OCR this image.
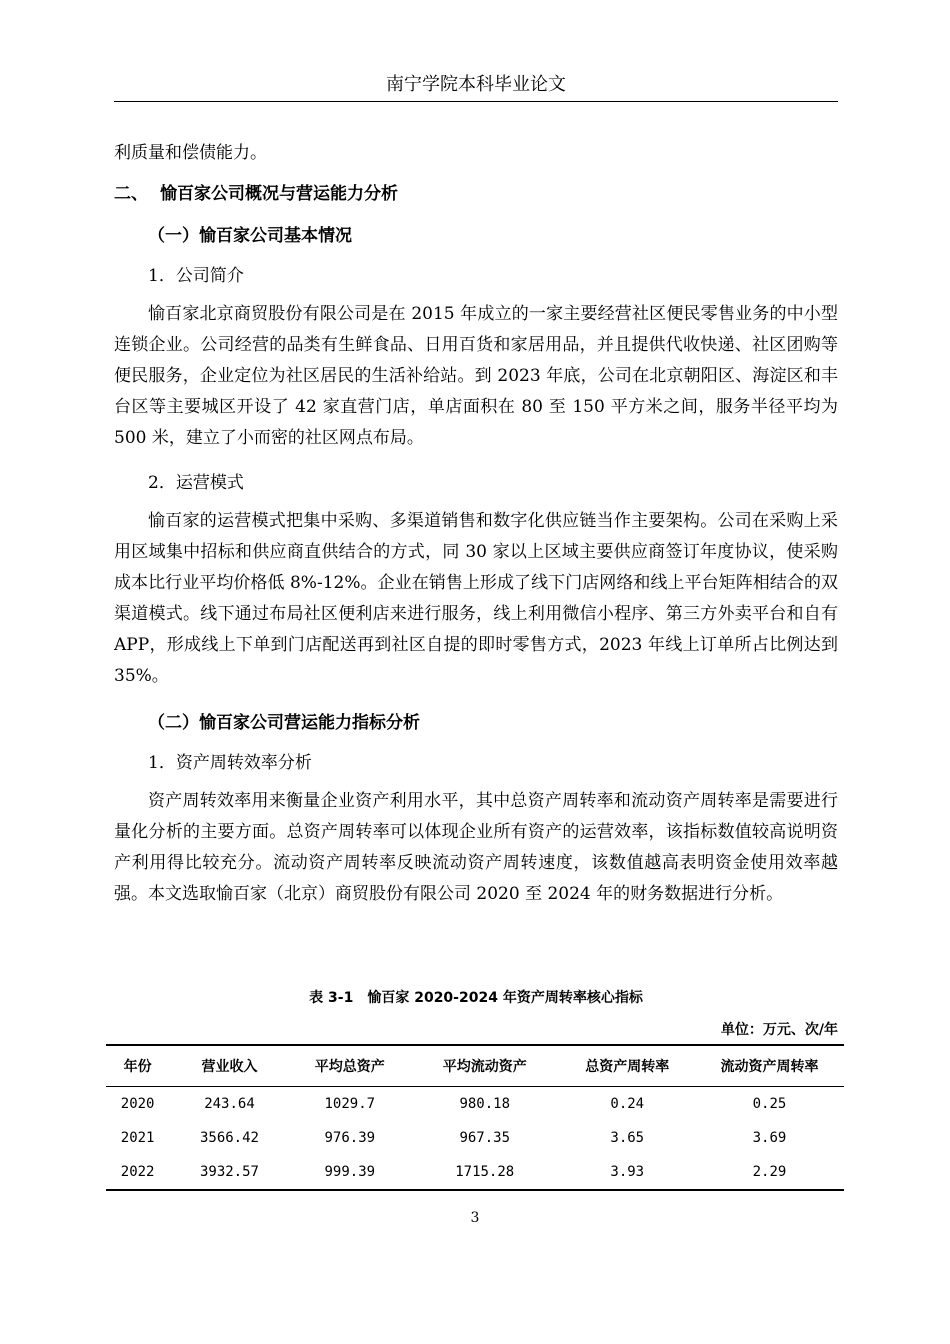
南宁学院本科毕业论文

利质量和偿债能力。

二、 愉百家公司概况与营运能力分析
（一）愉百家公司基本情况
1．公司简介

愉百家北京商贸股份有限公司是在 2015 年成立的一家主要经营社区便民零售业务的中小型连锁企业。公司经营的品类有生鲜食品、日用百货和家居用品，并且提供代收快递、社区团购等便民服务，企业定位为社区居民的生活补给站。到 2023 年底，公司在北京朝阳区、海淀区和丰台区等主要城区开设了 42 家直营门店，单店面积在 80 至 150 平方米之间，服务半径平均为 500 米，建立了小而密的社区网点布局。

2．运营模式

愉百家的运营模式把集中采购、多渠道销售和数字化供应链当作主要架构。公司在采购上采用区域集中招标和供应商直供结合的方式，同 30 家以上区域主要供应商签订年度协议，使采购成本比行业平均价格低 8%-12%。企业在销售上形成了线下门店网络和线上平台矩阵相结合的双渠道模式。线下通过布局社区便利店来进行服务，线上利用微信小程序、第三方外卖平台和自有 APP，形成线上下单到门店配送再到社区自提的即时零售方式，2023 年线上订单所占比例达到 35%。

（二）愉百家公司营运能力指标分析
1．资产周转效率分析

资产周转效率用来衡量企业资产利用水平，其中总资产周转率和流动资产周转率是需要进行量化分析的主要方面。总资产周转率可以体现企业所有资产的运营效率，该指标数值较高说明资产利用得比较充分。流动资产周转率反映流动资产周转速度，该数值越高表明资金使用效率越强。本文选取愉百家（北京）商贸股份有限公司 2020 至 2024 年的财务数据进行分析。

表 3-1　愉百家 2020-2024 年资产周转率核心指标
单位：万元、次/年
年份	营业收入	平均总资产	平均流动资产	总资产周转率	流动资产周转率
2020	243.64	1029.7	980.18	0.24	0.25
2021	3566.42	976.39	967.35	3.65	3.69
2022	3932.57	999.39	1715.28	3.93	2.29
3
